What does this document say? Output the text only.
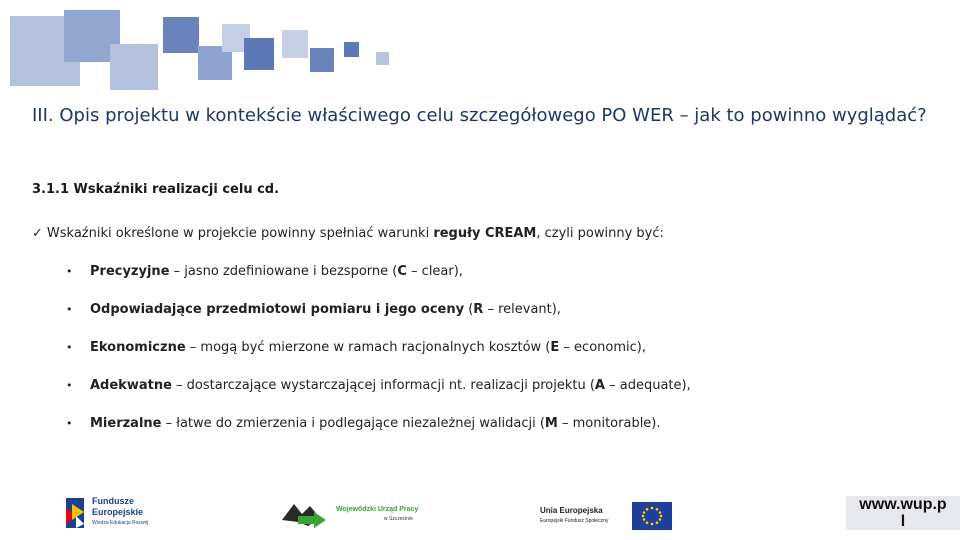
III. Opis projektu w kontekście właściwego celu szczegółowego PO WER – jak to powinno wyglądać?
3.1.1 Wskaźniki realizacji celu cd.
✓ Wskaźniki określone w projekcie powinny spełniać warunki reguły CREAM, czyli powinny być:
•	Precyzyjne – jasno zdefiniowane i bezsporne (C – clear),
•	Odpowiadające przedmiotowi pomiaru i jego oceny (R – relevant),
•	Ekonomiczne – mogą być mierzone w ramach racjonalnych kosztów (E – economic),
•	Adekwatne – dostarczające wystarczającej informacji nt. realizacji projektu (A – adequate),
•	Mierzalne – łatwe do zmierzenia i podlegające niezależnej walidacji (M – monitorable).
Fundusze
Europejskie
Wiedza Edukacja Rozwój
Wojewódzki Urząd Pracy
w Szczecinie
Unia Europejska
Europejski Fundusz Społeczny
www.wup.p
l
